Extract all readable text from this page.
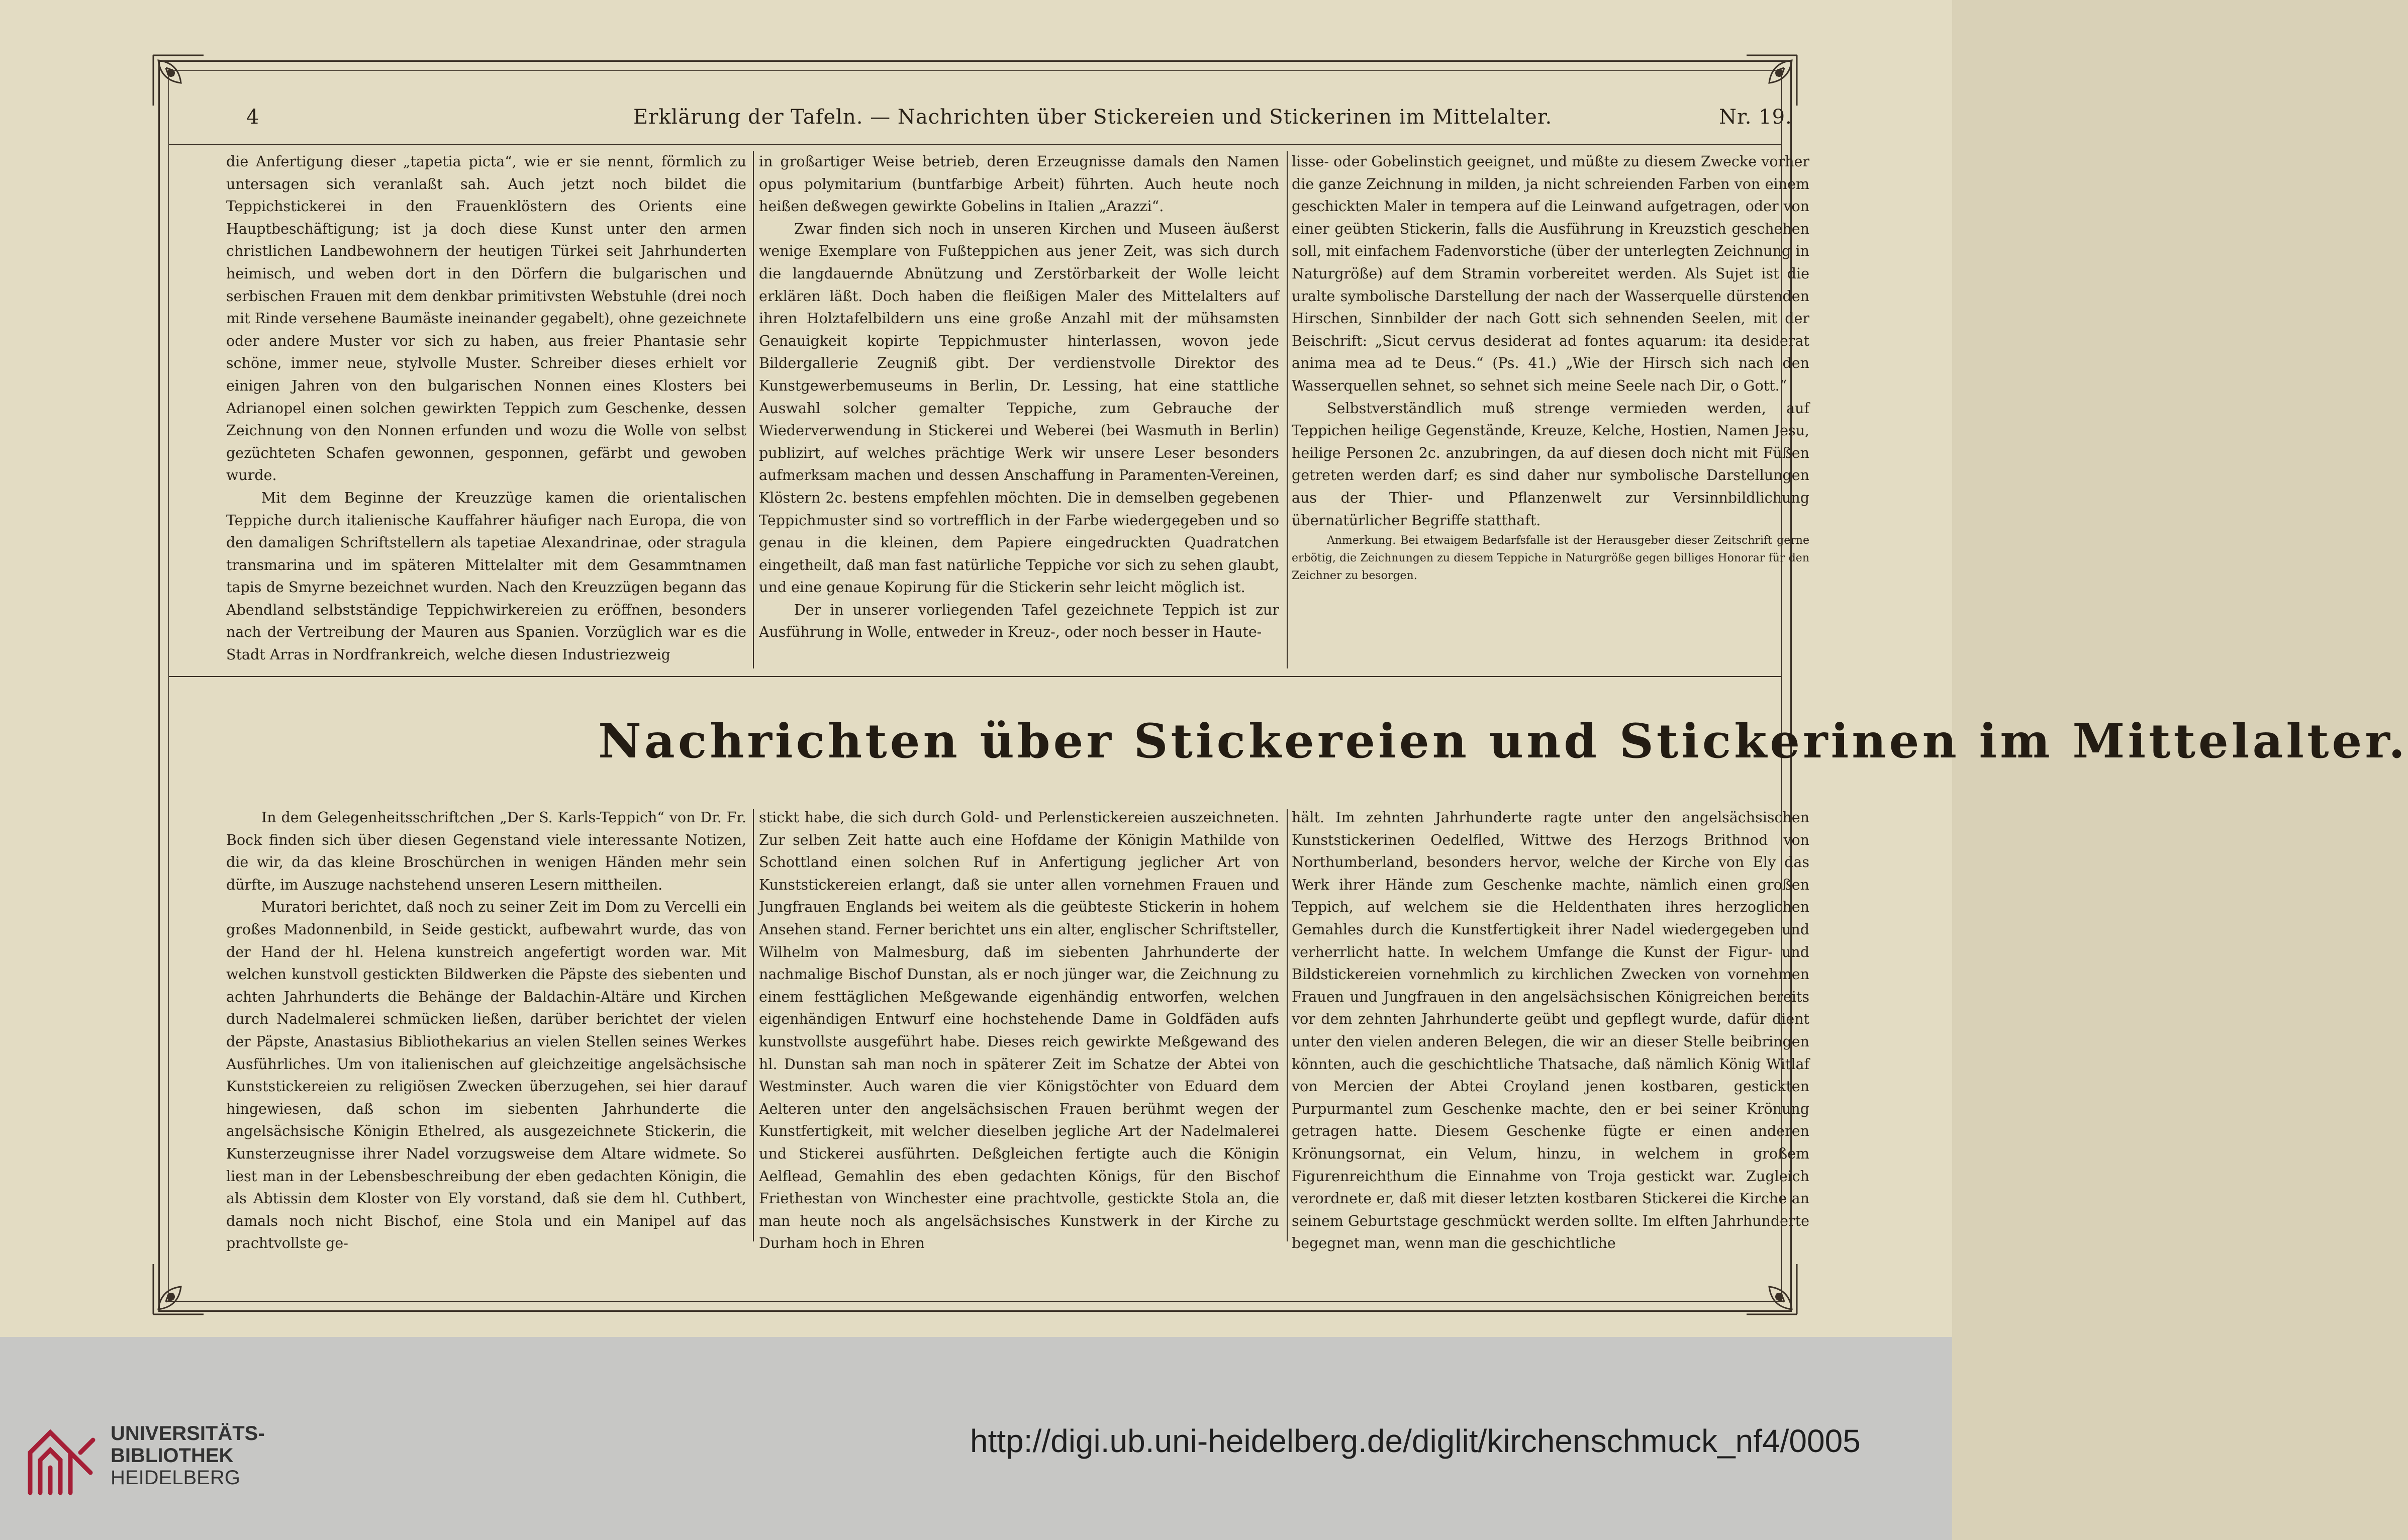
4	Erklärung der Tafeln. — Nachrichten über Stickereien und Stickerinen im Mittelalter.	Nr. 19.

die Anfertigung dieser „tapetia picta“, wie er sie nennt, förmlich zu untersagen sich veranlaßt sah. Auch jetzt noch bildet die Teppichstickerei in den Frauenklöstern des Orients eine Hauptbeschäftigung; ist ja doch diese Kunst unter den armen christlichen Landbewohnern der heutigen Türkei seit Jahrhunderten heimisch, und weben dort in den Dörfern die bulgarischen und serbischen Frauen mit dem denkbar primitivsten Webstuhle (drei noch mit Rinde versehene Baumäste ineinander gegabelt), ohne gezeichnete oder andere Muster vor sich zu haben, aus freier Phantasie sehr schöne, immer neue, stylvolle Muster. Schreiber dieses erhielt vor einigen Jahren von den bulgarischen Nonnen eines Klosters bei Adrianopel einen solchen gewirkten Teppich zum Geschenke, dessen Zeichnung von den Nonnen erfunden und wozu die Wolle von selbst gezüchteten Schafen gewonnen, gesponnen, gefärbt und gewoben wurde.

Mit dem Beginne der Kreuzzüge kamen die orientalischen Teppiche durch italienische Kauffahrer häufiger nach Europa, die von den damaligen Schriftstellern als tapetiae Alexandrinae, oder stragula transmarina und im späteren Mittelalter mit dem Gesammtnamen tapis de Smyrne bezeichnet wurden. Nach den Kreuzzügen begann das Abendland selbstständige Teppichwirkereien zu eröffnen, besonders nach der Vertreibung der Mauren aus Spanien. Vorzüglich war es die Stadt Arras in Nordfrankreich, welche diesen Industriezweig

in großartiger Weise betrieb, deren Erzeugnisse damals den Namen opus polymitarium (buntfarbige Arbeit) führten. Auch heute noch heißen deßwegen gewirkte Gobelins in Italien „Arazzi“.

Zwar finden sich noch in unseren Kirchen und Museen äußerst wenige Exemplare von Fußteppichen aus jener Zeit, was sich durch die langdauernde Abnützung und Zerstörbarkeit der Wolle leicht erklären läßt. Doch haben die fleißigen Maler des Mittelalters auf ihren Holztafelbildern uns eine große Anzahl mit der mühsamsten Genauigkeit kopirte Teppichmuster hinterlassen, wovon jede Bildergallerie Zeugniß gibt. Der verdienstvolle Direktor des Kunstgewerbemuseums in Berlin, Dr. Lessing, hat eine stattliche Auswahl solcher gemalter Teppiche, zum Gebrauche der Wiederverwendung in Stickerei und Weberei (bei Wasmuth in Berlin) publizirt, auf welches prächtige Werk wir unsere Leser besonders aufmerksam machen und dessen Anschaffung in Paramenten-Vereinen, Klöstern 2c. bestens empfehlen möchten. Die in demselben gegebenen Teppichmuster sind so vortrefflich in der Farbe wiedergegeben und so genau in die kleinen, dem Papiere eingedruckten Quadratchen eingetheilt, daß man fast natürliche Teppiche vor sich zu sehen glaubt, und eine genaue Kopirung für die Stickerin sehr leicht möglich ist.

Der in unserer vorliegenden Tafel gezeichnete Teppich ist zur Ausführung in Wolle, entweder in Kreuz-, oder noch besser in Haute-

lisse- oder Gobelinstich geeignet, und müßte zu diesem Zwecke vorher die ganze Zeichnung in milden, ja nicht schreienden Farben von einem geschickten Maler in tempera auf die Leinwand aufgetragen, oder von einer geübten Stickerin, falls die Ausführung in Kreuzstich geschehen soll, mit einfachem Fadenvorstiche (über der unterlegten Zeichnung in Naturgröße) auf dem Stramin vorbereitet werden. Als Sujet ist die uralte symbolische Darstellung der nach der Wasserquelle dürstenden Hirschen, Sinnbilder der nach Gott sich sehnenden Seelen, mit der Beischrift: „Sicut cervus desiderat ad fontes aquarum: ita desiderat anima mea ad te Deus.“ (Ps. 41.) „Wie der Hirsch sich nach den Wasserquellen sehnet, so sehnet sich meine Seele nach Dir, o Gott.“

Selbstverständlich muß strenge vermieden werden, auf Teppichen heilige Gegenstände, Kreuze, Kelche, Hostien, Namen Jesu, heilige Personen 2c. anzubringen, da auf diesen doch nicht mit Füßen getreten werden darf; es sind daher nur symbolische Darstellungen aus der Thier- und Pflanzenwelt zur Versinnbildlichung übernatürlicher Begriffe statthaft.

Anmerkung. Bei etwaigem Bedarfsfalle ist der Herausgeber dieser Zeitschrift gerne erbötig, die Zeichnungen zu diesem Teppiche in Naturgröße gegen billiges Honorar für den Zeichner zu besorgen.

Nachrichten über Stickereien und Stickerinen im Mittelalter.

In dem Gelegenheitsschriftchen „Der S. Karls-Teppich“ von Dr. Fr. Bock finden sich über diesen Gegenstand viele interessante Notizen, die wir, da das kleine Broschürchen in wenigen Händen mehr sein dürfte, im Auszuge nachstehend unseren Lesern mittheilen.

Muratori berichtet, daß noch zu seiner Zeit im Dom zu Vercelli ein großes Madonnenbild, in Seide gestickt, aufbewahrt wurde, das von der Hand der hl. Helena kunstreich angefertigt worden war. Mit welchen kunstvoll gestickten Bildwerken die Päpste des siebenten und achten Jahrhunderts die Behänge der Baldachin-Altäre und Kirchen durch Nadelmalerei schmücken ließen, darüber berichtet der vielen der Päpste, Anastasius Bibliothekarius an vielen Stellen seines Werkes Ausführliches. Um von italienischen auf gleichzeitige angelsächsische Kunststickereien zu religiösen Zwecken überzugehen, sei hier darauf hingewiesen, daß schon im siebenten Jahrhunderte die angelsächsische Königin Ethelred, als ausgezeichnete Stickerin, die Kunsterzeugnisse ihrer Nadel vorzugsweise dem Altare widmete. So liest man in der Lebensbeschreibung der eben gedachten Königin, die als Abtissin dem Kloster von Ely vorstand, daß sie dem hl. Cuthbert, damals noch nicht Bischof, eine Stola und ein Manipel auf das prachtvollste ge-

stickt habe, die sich durch Gold- und Perlenstickereien auszeichneten. Zur selben Zeit hatte auch eine Hofdame der Königin Mathilde von Schottland einen solchen Ruf in Anfertigung jeglicher Art von Kunststickereien erlangt, daß sie unter allen vornehmen Frauen und Jungfrauen Englands bei weitem als die geübteste Stickerin in hohem Ansehen stand. Ferner berichtet uns ein alter, englischer Schriftsteller, Wilhelm von Malmesburg, daß im siebenten Jahrhunderte der nachmalige Bischof Dunstan, als er noch jünger war, die Zeichnung zu einem festtäglichen Meßgewande eigenhändig entworfen, welchen eigenhändigen Entwurf eine hochstehende Dame in Goldfäden aufs kunstvollste ausgeführt habe. Dieses reich gewirkte Meßgewand des hl. Dunstan sah man noch in späterer Zeit im Schatze der Abtei von Westminster. Auch waren die vier Königstöchter von Eduard dem Aelteren unter den angelsächsischen Frauen berühmt wegen der Kunstfertigkeit, mit welcher dieselben jegliche Art der Nadelmalerei und Stickerei ausführten. Deßgleichen fertigte auch die Königin Aelflead, Gemahlin des eben gedachten Königs, für den Bischof Friethestan von Winchester eine prachtvolle, gestickte Stola an, die man heute noch als angelsächsisches Kunstwerk in der Kirche zu Durham hoch in Ehren

hält. Im zehnten Jahrhunderte ragte unter den angelsächsischen Kunststickerinen Oedelfled, Wittwe des Herzogs Brithnod von Northumberland, besonders hervor, welche der Kirche von Ely das Werk ihrer Hände zum Geschenke machte, nämlich einen großen Teppich, auf welchem sie die Heldenthaten ihres herzoglichen Gemahles durch die Kunstfertigkeit ihrer Nadel wiedergegeben und verherrlicht hatte. In welchem Umfange die Kunst der Figur- und Bildstickereien vornehmlich zu kirchlichen Zwecken von vornehmen Frauen und Jungfrauen in den angelsächsischen Königreichen bereits vor dem zehnten Jahrhunderte geübt und gepflegt wurde, dafür dient unter den vielen anderen Belegen, die wir an dieser Stelle beibringen könnten, auch die geschichtliche Thatsache, daß nämlich König Witlaf von Mercien der Abtei Croyland jenen kostbaren, gestickten Purpurmantel zum Geschenke machte, den er bei seiner Krönung getragen hatte. Diesem Geschenke fügte er einen anderen Krönungsornat, ein Velum, hinzu, in welchem in großem Figurenreichthum die Einnahme von Troja gestickt war. Zugleich verordnete er, daß mit dieser letzten kostbaren Stickerei die Kirche an seinem Geburtstage geschmückt werden sollte. Im elften Jahrhunderte begegnet man, wenn man die geschichtliche

UNIVERSITÄTS-
BIBLIOTHEK
HEIDELBERG
http://digi.ub.uni-heidelberg.de/diglit/kirchenschmuck_nf4/0005
